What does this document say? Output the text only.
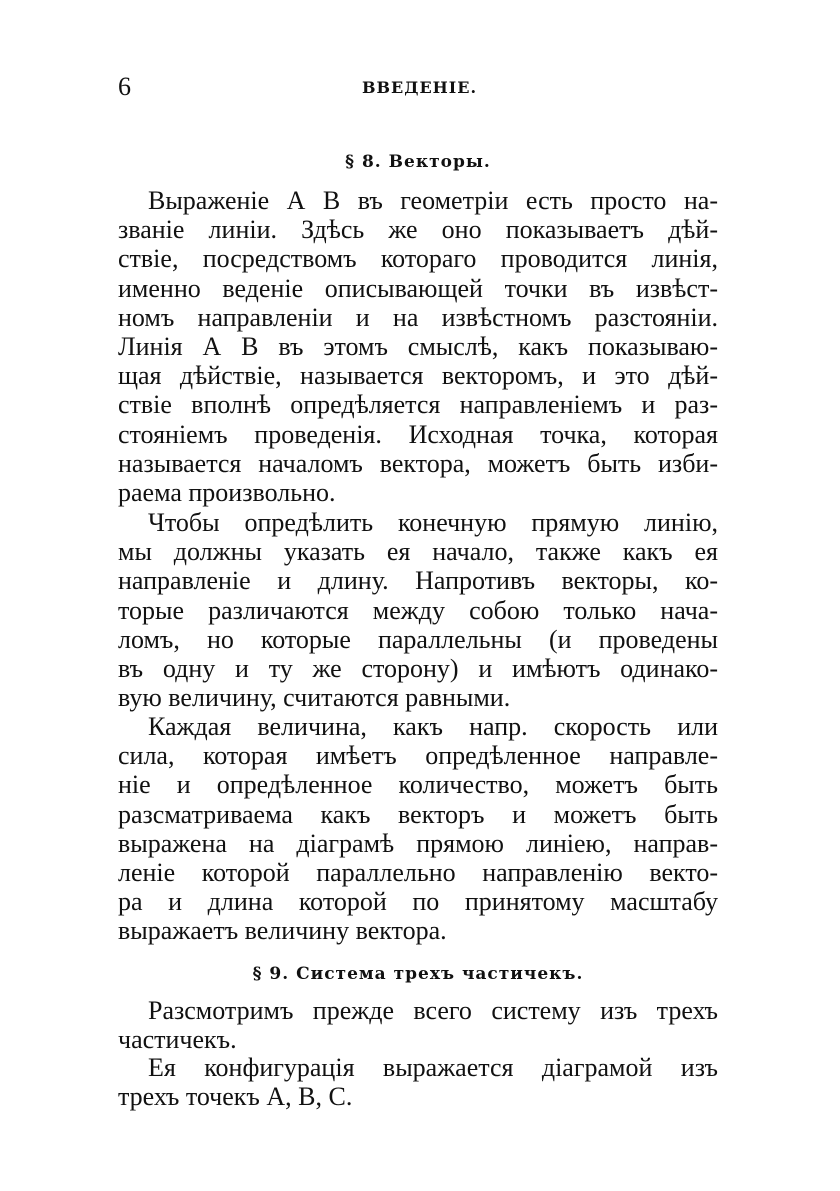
6	ВВЕДЕНІЕ.
§ 8. Векторы.
Выраженіе А В въ геометріи есть просто на-
званіе линіи. Здѣсь же оно показываетъ дѣй-
ствіе, посредствомъ котораго проводится линія,
именно веденіе описывающей точки въ извѣст-
номъ направленіи и на извѣстномъ разстояніи.
Линія А В въ этомъ смыслѣ, какъ показываю-
щая дѣйствіе, называется векторомъ, и это дѣй-
ствіе вполнѣ опредѣляется направленіемъ и раз-
стояніемъ проведенія. Исходная точка, которая
называется началомъ вектора, можетъ быть изби-
раема произвольно.
Чтобы опредѣлить конечную прямую линію,
мы должны указать ея начало, также какъ ея
направленіе и длину. Напротивъ векторы, ко-
торые различаются между собою только нача-
ломъ, но которые параллельны (и проведены
въ одну и ту же сторону) и имѣютъ одинако-
вую величину, считаются равными.
Каждая величина, какъ напр. скорость или
сила, которая имѣетъ опредѣленное направле-
ніе и опредѣленное количество, можетъ быть
разсматриваема какъ векторъ и можетъ быть
выражена на діаграмѣ прямою линіею, направ-
леніе которой параллельно направленію векто-
ра и длина которой по принятому масштабу
выражаетъ величину вектора.
§ 9. Система трехъ частичекъ.
Разсмотримъ прежде всего систему изъ трехъ
частичекъ.
Ея конфигурація выражается діаграмой изъ
трехъ точекъ А, В, С.
